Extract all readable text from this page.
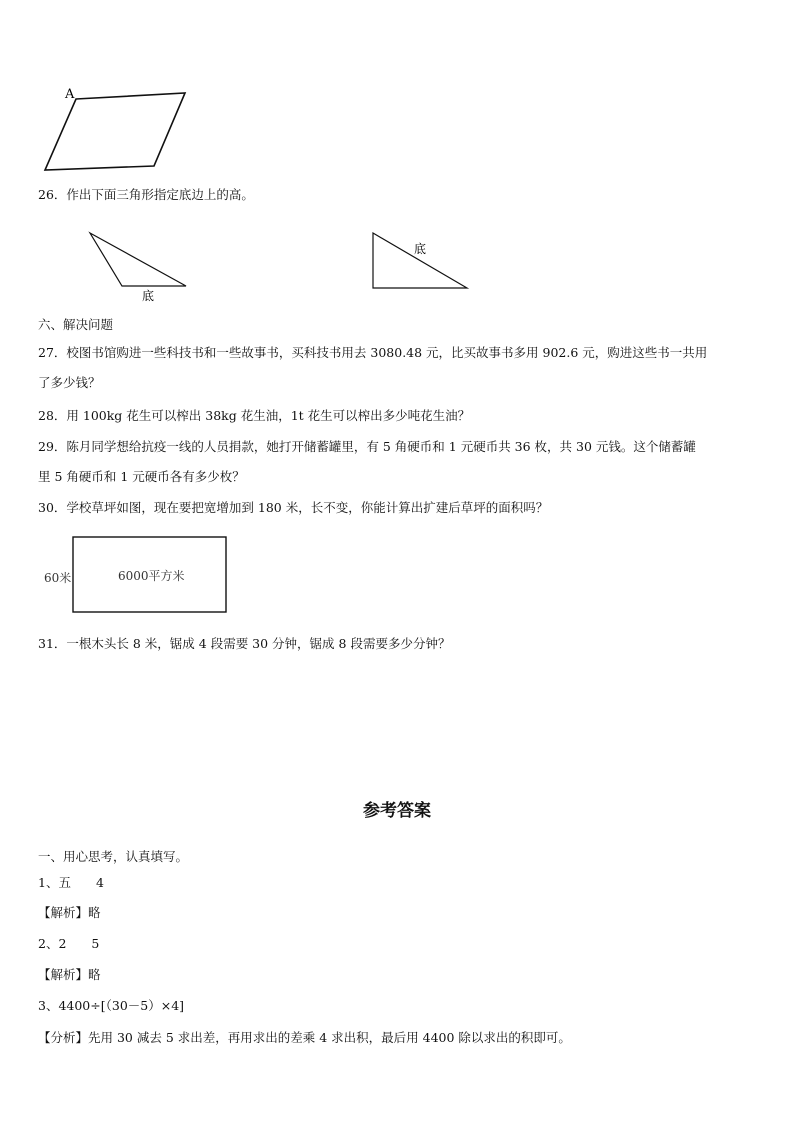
A
26．作出下面三角形指定底边上的高。
底
底
六、解决问题
27．校图书馆购进一些科技书和一些故事书，买科技书用去 3080.48 元，比买故事书多用 902.6 元，购进这些书一共用
了多少钱？
28．用 100kg 花生可以榨出 38kg 花生油，1t 花生可以榨出多少吨花生油？
29．陈月同学想给抗疫一线的人员捐款，她打开储蓄罐里，有 5 角硬币和 1 元硬币共 36 枚，共 30 元钱。这个储蓄罐
里 5 角硬币和 1 元硬币各有多少枚？
30．学校草坪如图，现在要把宽增加到 180 米，长不变，你能计算出扩建后草坪的面积吗？
60米	6000平方米
31．一根木头长 8 米，锯成 4 段需要 30 分钟，锯成 8 段需要多少分钟？
参考答案
一、用心思考，认真填写。
1、五　　4
【解析】略
2、2　　5
【解析】略
3、4400÷[（30－5）×4]
【分析】先用 30 减去 5 求出差，再用求出的差乘 4 求出积，最后用 4400 除以求出的积即可。
